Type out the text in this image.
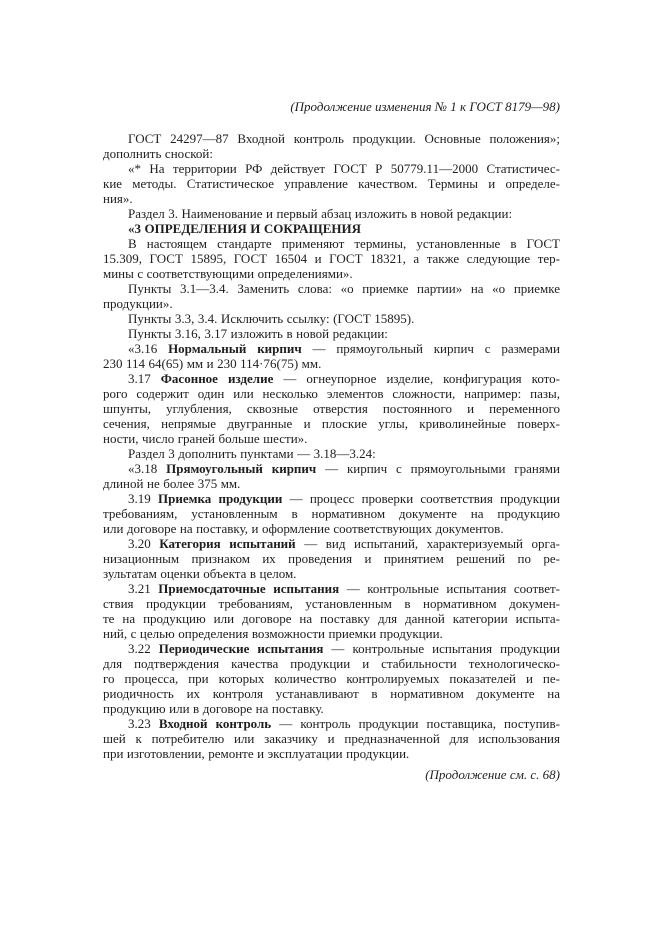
(Продолжение изменения № 1 к ГОСТ 8179—98)
ГОСТ 24297—87 Входной контроль продукции. Основные положения»;
дополнить сноской:
«* На территории РФ действует ГОСТ Р 50779.11—2000 Статистичес-
кие методы. Статистическое управление качеством. Термины и определе-
ния».
Раздел 3. Наименование и первый абзац изложить в новой редакции:
«3 ОПРЕДЕЛЕНИЯ И СОКРАЩЕНИЯ
В настоящем стандарте применяют термины, установленные в ГОСТ
15.309, ГОСТ 15895, ГОСТ 16504 и ГОСТ 18321, а также следующие тер-
мины с соответствующими определениями».
Пункты 3.1—3.4. Заменить слова: «о приемке партии» на «о приемке
продукции».
Пункты 3.3, 3.4. Исключить ссылку: (ГОСТ 15895).
Пункты 3.16, 3.17 изложить в новой редакции:
«3.16 Нормальный кирпич — прямоугольный кирпич с размерами
230 114 64(65) мм и 230 114·76(75) мм.
3.17 Фасонное изделие — огнеупорное изделие, конфигурация кото-
рого содержит один или несколько элементов сложности, например: пазы,
шпунты, углубления, сквозные отверстия постоянного и переменного
сечения, непрямые двугранные и плоские углы, криволинейные поверх-
ности, число граней больше шести».
Раздел 3 дополнить пунктами — 3.18—3.24:
«3.18 Прямоугольный кирпич — кирпич с прямоугольными гранями
длиной не более 375 мм.
3.19 Приемка продукции — процесс проверки соответствия продукции
требованиям, установленным в нормативном документе на продукцию
или договоре на поставку, и оформление соответствующих документов.
3.20 Категория испытаний — вид испытаний, характеризуемый орга-
низационным признаком их проведения и принятием решений по ре-
зультатам оценки объекта в целом.
3.21 Приемосдаточные испытания — контрольные испытания соответ-
ствия продукции требованиям, установленным в нормативном докумен-
те на продукцию или договоре на поставку для данной категории испыта-
ний, с целью определения возможности приемки продукции.
3.22 Периодические испытания — контрольные испытания продукции
для подтверждения качества продукции и стабильности технологическо-
го процесса, при которых количество контролируемых показателей и пе-
риодичность их контроля устанавливают в нормативном документе на
продукцию или в договоре на поставку.
3.23 Входной контроль — контроль продукции поставщика, поступив-
шей к потребителю или заказчику и предназначенной для использования
при изготовлении, ремонте и эксплуатации продукции.
(Продолжение см. с. 68)
